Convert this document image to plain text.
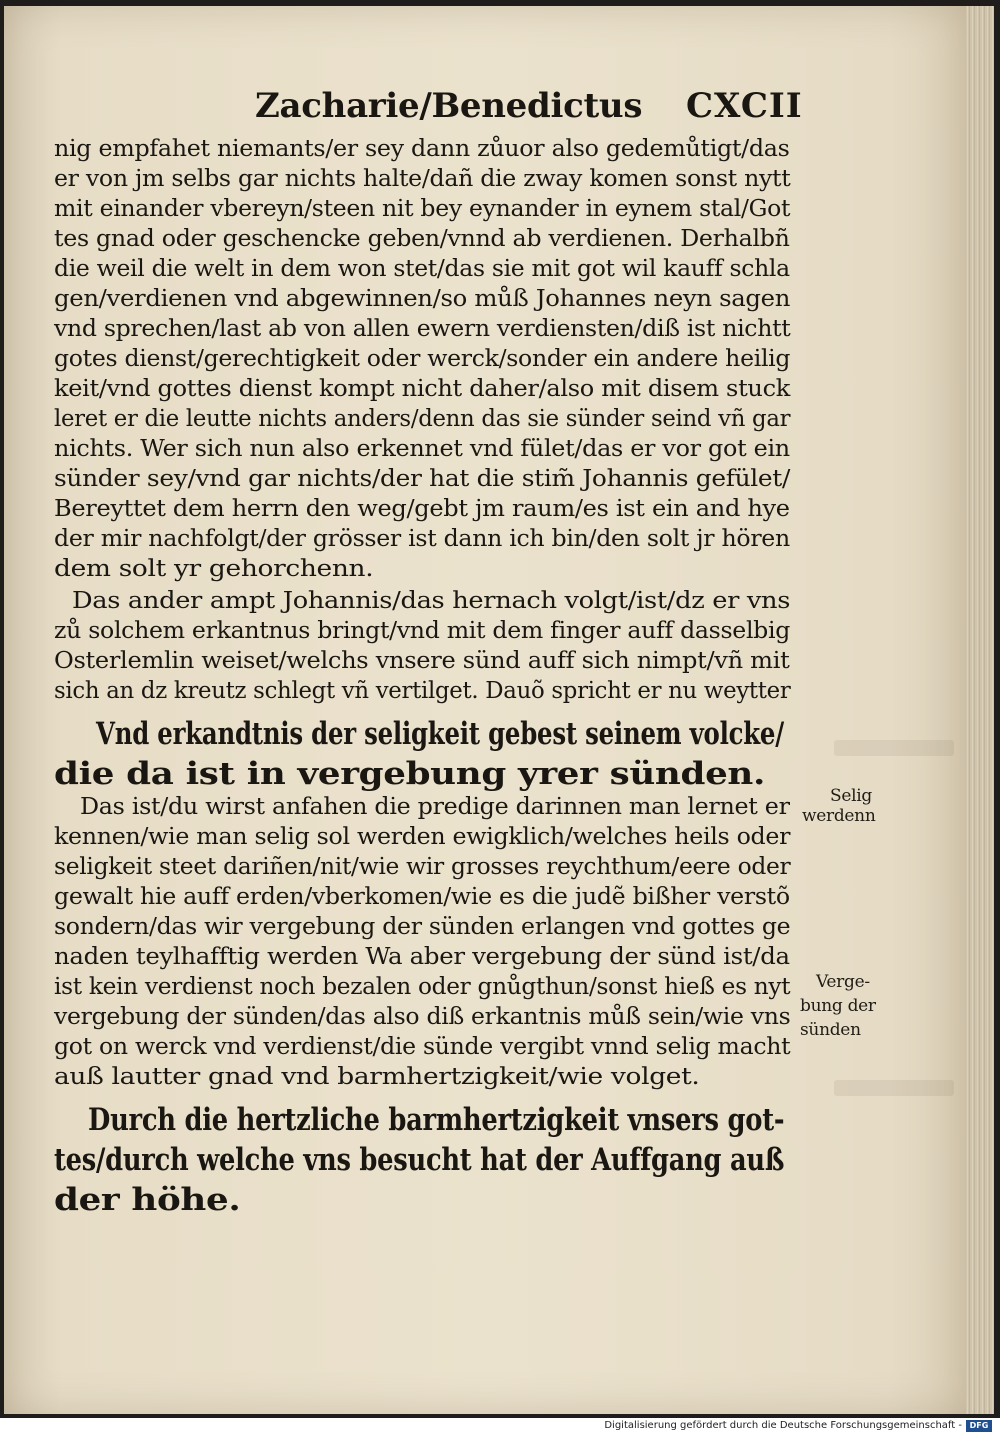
Zacharie/Benedictus CXCII
nig empfahet niemants/er sey dann zůuor also gedemůtigt/das
er von jm selbs gar nichts halte/dañ die zway komen sonst nytt
mit einander vbereyn/steen nit bey eynander in eynem stal/Got
tes gnad oder geschencke geben/vnnd ab verdienen. Derhalbñ
die weil die welt in dem won stet/das sie mit got wil kauff schla
gen/verdienen vnd abgewinnen/so můß Johannes neyn sagen
vnd sprechen/last ab von allen ewern verdiensten/diß ist nichtt
gotes dienst/gerechtigkeit oder werck/sonder ein andere heilig
keit/vnd gottes dienst kompt nicht daher/also mit disem stuck
leret er die leutte nichts anders/denn das sie sünder seind vñ gar
nichts. Wer sich nun also erkennet vnd fület/das er vor got ein
sünder sey/vnd gar nichts/der hat die stim̃ Johannis gefület/
Bereyttet dem herrn den weg/gebt jm raum/es ist ein and hye
der mir nachfolgt/der grösser ist dann ich bin/den solt jr hören
dem solt yr gehorchenn.
Das ander ampt Johannis/das hernach volgt/ist/dz er vns
zů solchem erkantnus bringt/vnd mit dem finger auff dasselbig
Osterlemlin weiset/welchs vnsere sünd auff sich nimpt/vñ mit
sich an dz kreutz schlegt vñ vertilget. Dauõ spricht er nu weytter
Vnd erkandtnis der seligkeit gebest seinem volcke/
die da ist in vergebung yrer sünden.
Das ist/du wirst anfahen die predige darinnen man lernet er
kennen/wie man selig sol werden ewigklich/welches heils oder
seligkeit steet dariñen/nit/wie wir grosses reychthum/eere oder
gewalt hie auff erden/vberkomen/wie es die judẽ bißher verstõ
sondern/das wir vergebung der sünden erlangen vnd gottes ge
naden teylhafftig werden Wa aber vergebung der sünd ist/da
ist kein verdienst noch bezalen oder gnůgthun/sonst hieß es nyt
vergebung der sünden/das also diß erkantnis můß sein/wie vns
got on werck vnd verdienst/die sünde vergibt vnnd selig macht
auß lautter gnad vnd barmhertzigkeit/wie volget.
Durch die hertzliche barmhertzigkeit vnsers got-
tes/durch welche vns besucht hat der Auffgang auß
der höhe.
Selig
werdenn
Verge-
bung der
sünden
Digitalisierung gefördert durch die Deutsche Forschungsgemeinschaft - DFG
